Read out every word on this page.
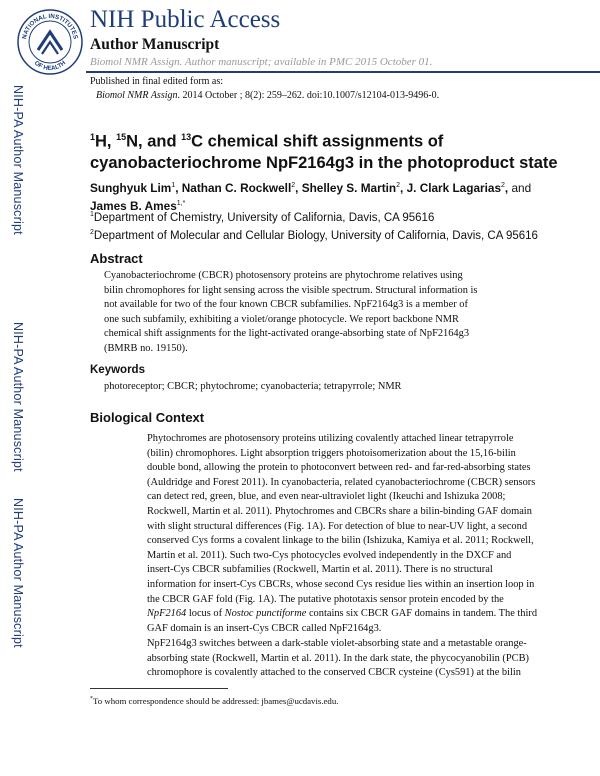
NATIONAL INSTITUTES
OF HEALTH
NIH Public Access
Author Manuscript
Biomol NMR Assign. Author manuscript; available in PMC 2015 October 01.
Published in final edited form as:
Biomol NMR Assign. 2014 October ; 8(2): 259–262. doi:10.1007/s12104-013-9496-0.
NIH-PA Author Manuscript
NIH-PA Author Manuscript
NIH-PA Author Manuscript
$^1$H, $^{15}$N, and $^{13}$C chemical shift assignments of cyanobacteriochrome NpF2164g3 in the photoproduct state
Sunghyuk Lim$^1$, Nathan C. Rockwell$^2$, Shelley S. Martin$^2$, J. Clark Lagarias$^2$, and James B. Ames$^{1,*}$
$^1$Department of Chemistry, University of California, Davis, CA 95616
$^2$Department of Molecular and Cellular Biology, University of California, Davis, CA 95616
Abstract
Cyanobacteriochrome (CBCR) photosensory proteins are phytochrome relatives using bilin chromophores for light sensing across the visible spectrum. Structural information is not available for two of the four known CBCR subfamilies. NpF2164g3 is a member of one such subfamily, exhibiting a violet/orange photocycle. We report backbone NMR chemical shift assignments for the light-activated orange-absorbing state of NpF2164g3 (BMRB no. 19150).
Keywords
photoreceptor; CBCR; phytochrome; cyanobacteria; tetrapyrrole; NMR
Biological Context
Phytochromes are photosensory proteins utilizing covalently attached linear tetrapyrrole (bilin) chromophores. Light absorption triggers photoisomerization about the 15,16-bilin double bond, allowing the protein to photoconvert between red- and far-red-absorbing states (Auldridge and Forest 2011). In cyanobacteria, related cyanobacteriochrome (CBCR) sensors can detect red, green, blue, and even near-ultraviolet light (Ikeuchi and Ishizuka 2008; Rockwell, Martin et al. 2011). Phytochromes and CBCRs share a bilin-binding GAF domain with slight structural differences (Fig. 1A). For detection of blue to near-UV light, a second conserved Cys forms a covalent linkage to the bilin (Ishizuka, Kamiya et al. 2011; Rockwell, Martin et al. 2011). Such two-Cys photocycles evolved independently in the DXCF and insert-Cys CBCR subfamilies (Rockwell, Martin et al. 2011). There is no structural information for insert-Cys CBCRs, whose second Cys residue lies within an insertion loop in the CBCR GAF fold (Fig. 1A). The putative phototaxis sensor protein encoded by the NpF2164 locus of Nostoc punctiforme contains six CBCR GAF domains in tandem. The third GAF domain is an insert-Cys CBCR called NpF2164g3.
NpF2164g3 switches between a dark-stable violet-absorbing state and a metastable orange-absorbing state (Rockwell, Martin et al. 2011). In the dark state, the phycocyanobilin (PCB) chromophore is covalently attached to the conserved CBCR cysteine (Cys591) at the bilin
*To whom correspondence should be addressed: jbames@ucdavis.edu.
